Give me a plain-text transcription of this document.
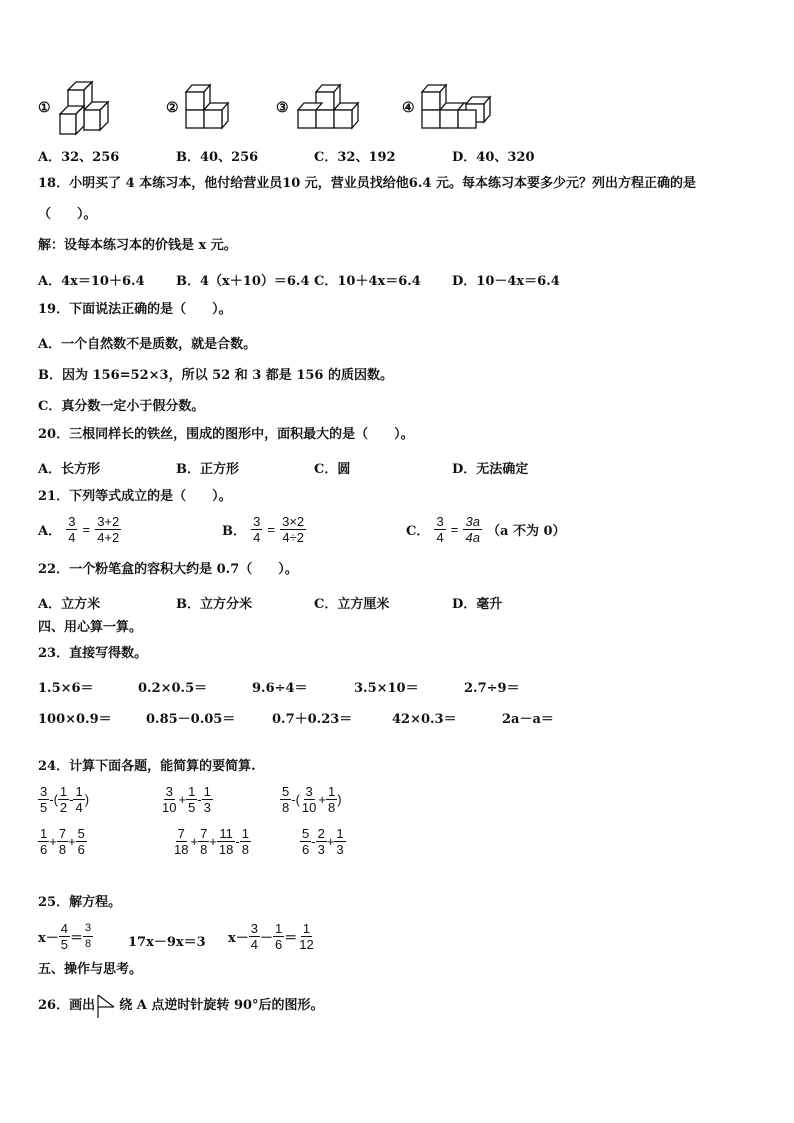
①	②	③	④
A．32、256	B．40、256	C．32、192	D．40、320
18．小明买了 4 本练习本，他付给营业员10 元，营业员找给他6.4 元。每本练习本要多少元？列出方程正确的是
（　　）。
解：设每本练习本的价钱是 x 元。
A．4x＝10＋6.4 B．4（x＋10）＝6.4 C．10＋4x＝6.4 D．10－4x＝6.4
19．下面说法正确的是（　　）。
A．一个自然数不是质数，就是合数。
B．因为 156=52×3，所以 52 和 3 都是 156 的质因数。
C．真分数一定小于假分数。
20．三根同样长的铁丝，围成的图形中，面积最大的是（　　）。
A．长方形	B．正方形	C．圆	D．无法确定
21．下列等式成立的是（　　）。
A． $\frac{3}{4} = \frac{3+2}{4+2}$	B． $\frac{3}{4} = \frac{3\times 2}{4\div 2}$	C． $\frac{3}{4} = \frac{3a}{4a} (a$ 不为 0）
22．一个粉笔盒的容积大约是 0.7（　　）。
A．立方米	B．立方分米	C．立方厘米	D．毫升
四、用心算一算。
23．直接写得数。
1.5×6＝	0.2×0.5＝	9.6÷4＝	3.5×10＝	2.7÷9＝
100×0.9＝	0.85－0.05＝	0.7＋0.23＝	42×0.3＝	2a－a＝
24．计算下面各题，能简算的要简算.
$\frac{3}{5}$ -( $\frac{1}{2} - \frac{1}{4}$ )	$\frac{3}{10} + \frac{1}{5} - \frac{1}{3}$	$\frac{5}{8}$ -( $\frac{3}{10} + \frac{1}{8}$ )
$\frac{1}{6} + \frac{7}{8} + \frac{5}{6}$	$\frac{7}{18} + \frac{7}{8} + \frac{11}{18} - \frac{1}{8}$	$\frac{5}{6} - \frac{2}{3} + \frac{1}{3}$
25．解方程。
$x- \frac{4}{5} = \frac{3}{8}$	17x－9x＝3 $x- \frac{3}{4} - \frac{1}{6} = \frac{1}{12}$
五、操作与思考。
26．画出 绕 A 点逆时针旋转 90°后的图形。
